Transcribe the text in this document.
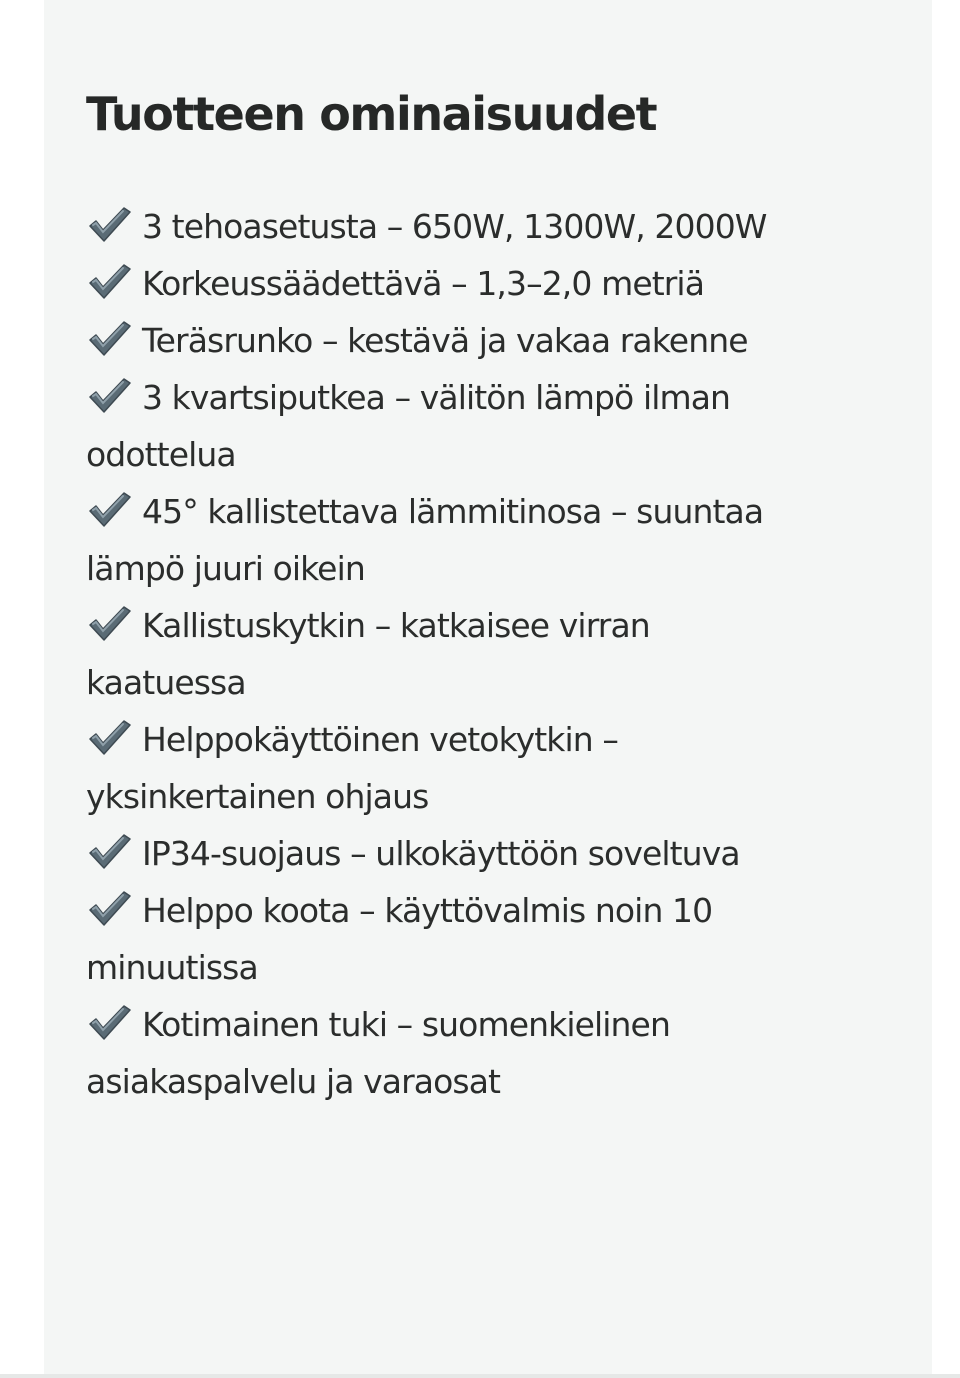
Tuotteen ominaisuudet
3 tehoasetusta – 650W, 1300W, 2000W
Korkeussäädettävä – 1,3–2,0 metriä
Teräsrunko – kestävä ja vakaa rakenne
3 kvartsiputkea – välitön lämpö ilman odottelua
45° kallistettava lämmitinosa – suuntaa lämpö juuri oikein
Kallistuskytkin – katkaisee virran kaatuessa
Helppokäyttöinen vetokytkin – yksinkertainen ohjaus
IP34-suojaus – ulkokäyttöön soveltuva
Helppo koota – käyttövalmis noin 10 minuutissa
Kotimainen tuki – suomenkielinen asiakaspalvelu ja varaosat
